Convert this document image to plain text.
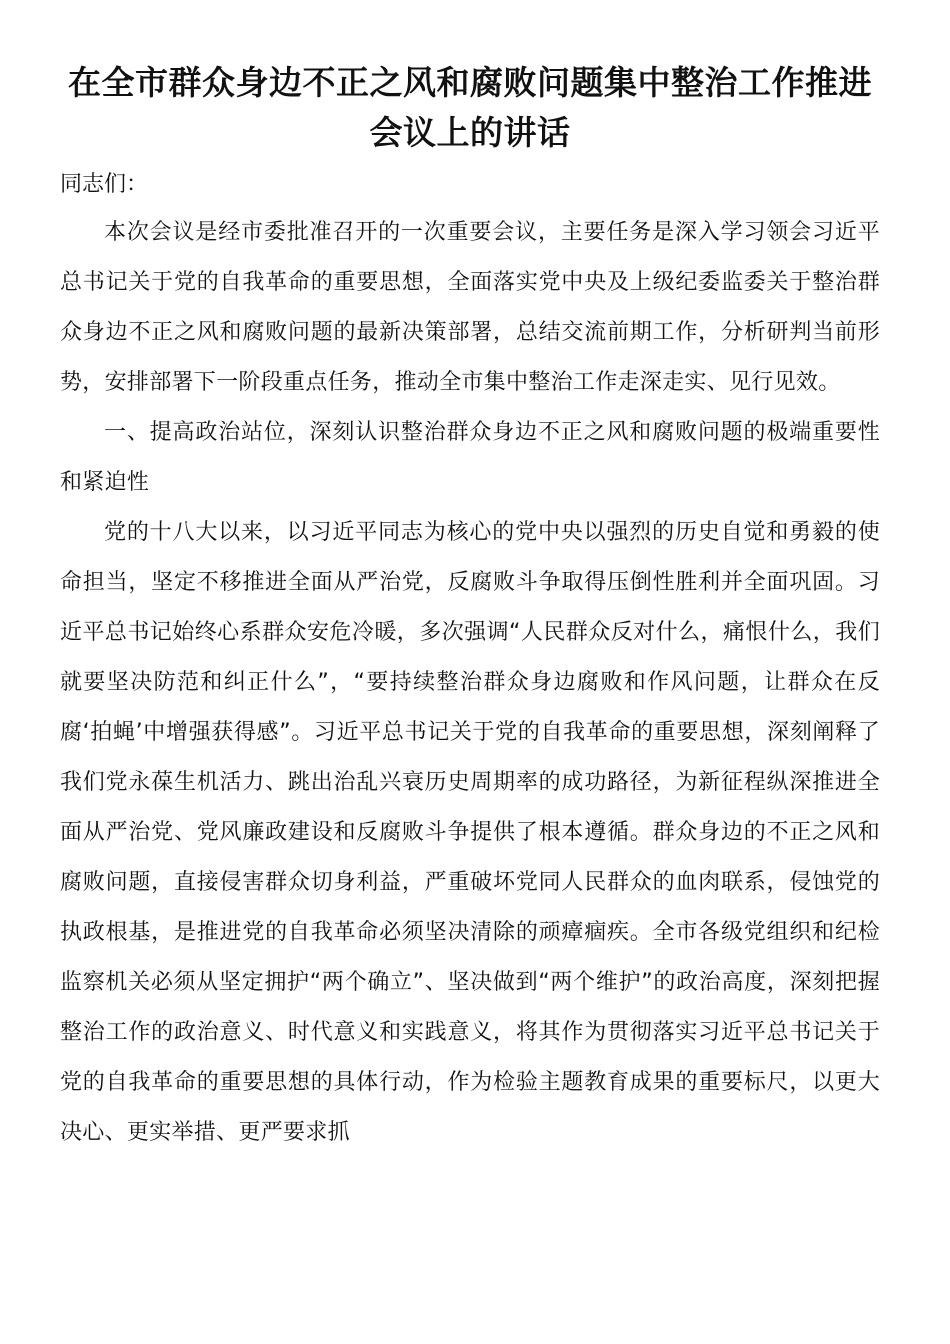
在全市群众身边不正之风和腐败问题集中整治工作推进会议上的讲话
同志们：

本次会议是经市委批准召开的一次重要会议，主要任务是深入学习领会习近平总书记关于党的自我革命的重要思想，全面落实党中央及上级纪委监委关于整治群众身边不正之风和腐败问题的最新决策部署，总结交流前期工作，分析研判当前形势，安排部署下一阶段重点任务，推动全市集中整治工作走深走实、见行见效。

一、提高政治站位，深刻认识整治群众身边不正之风和腐败问题的极端重要性和紧迫性

党的十八大以来，以习近平同志为核心的党中央以强烈的历史自觉和勇毅的使命担当，坚定不移推进全面从严治党，反腐败斗争取得压倒性胜利并全面巩固。习近平总书记始终心系群众安危冷暖，多次强调“人民群众反对什么，痛恨什么，我们就要坚决防范和纠正什么”，“要持续整治群众身边腐败和作风问题，让群众在反腐‘拍蝇’中增强获得感”。习近平总书记关于党的自我革命的重要思想，深刻阐释了我们党永葆生机活力、跳出治乱兴衰历史周期率的成功路径，为新征程纵深推进全面从严治党、党风廉政建设和反腐败斗争提供了根本遵循。群众身边的不正之风和腐败问题，直接侵害群众切身利益，严重破坏党同人民群众的血肉联系，侵蚀党的执政根基，是推进党的自我革命必须坚决清除的顽瘴痼疾。全市各级党组织和纪检监察机关必须从坚定拥护“两个确立”、坚决做到“两个维护”的政治高度，深刻把握整治工作的政治意义、时代意义和实践意义，将其作为贯彻落实习近平总书记关于党的自我革命的重要思想的具体行动，作为检验主题教育成果的重要标尺，以更大决心、更实举措、更严要求抓
